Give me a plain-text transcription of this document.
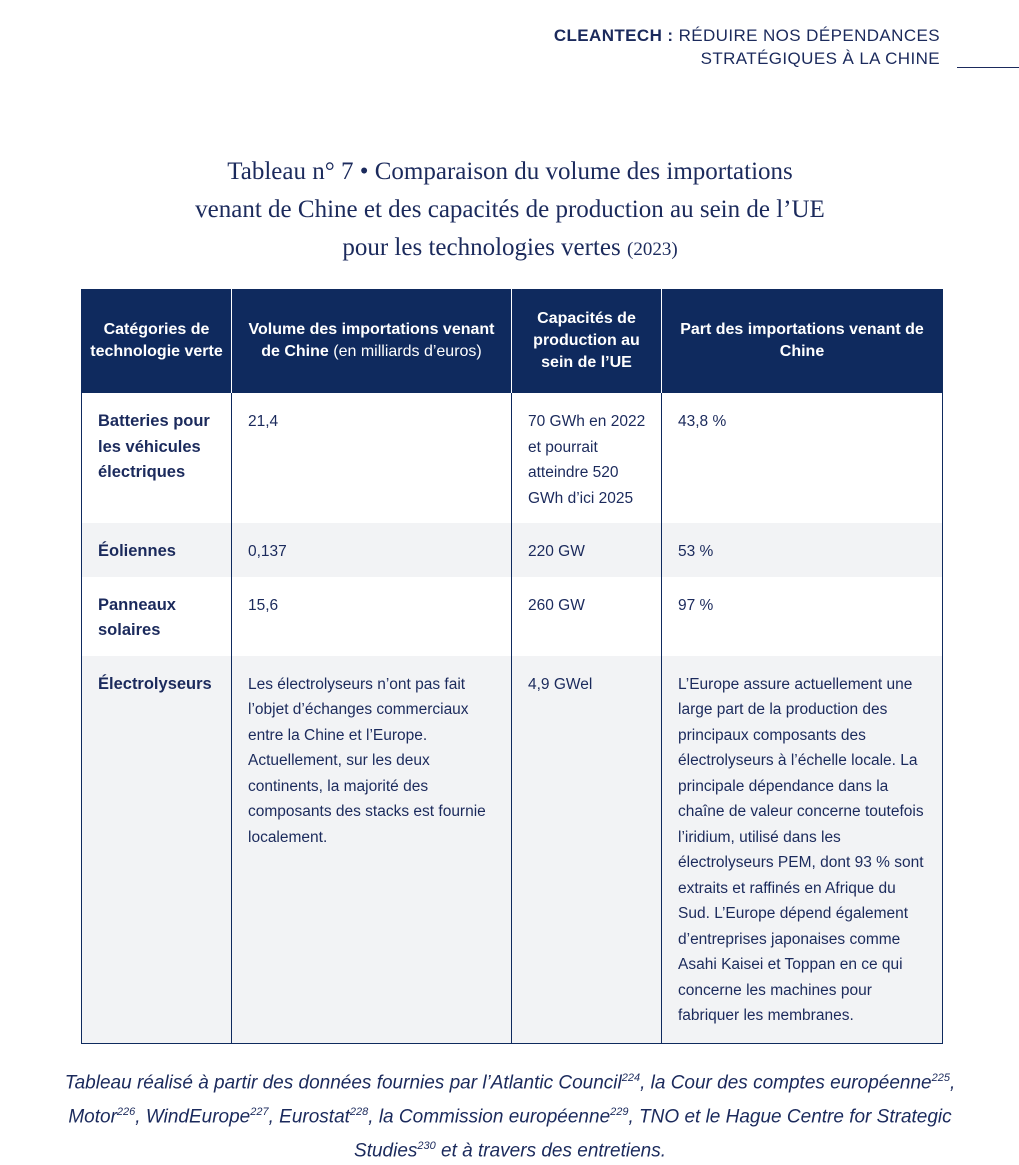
CLEANTECH : RÉDUIRE NOS DÉPENDANCES
STRATÉGIQUES À LA CHINE
Tableau n° 7 • Comparaison du volume des importations
venant de Chine et des capacités de production au sein de l’UE
pour les technologies vertes (2023)
Catégories de technologie verte	Volume des importations venant de Chine (en milliards d’euros)	Capacités de production au sein de l’UE	Part des importations venant de Chine
Batteries pour les véhicules électriques	21,4	70 GWh en 2022 et pourrait atteindre 520 GWh d’ici 2025	43,8 %
Éoliennes	0,137	220 GW	53 %
Panneaux solaires	15,6	260 GW	97 %
Électrolyseurs	Les électrolyseurs n’ont pas fait l’objet d’échanges commerciaux entre la Chine et l’Europe. Actuellement, sur les deux continents, la majorité des composants des stacks est fournie localement.	4,9 GWel	L’Europe assure actuellement une large part de la production des principaux composants des électrolyseurs à l’échelle locale. La principale dépendance dans la chaîne de valeur concerne toutefois l’iridium, utilisé dans les électrolyseurs PEM, dont 93 % sont extraits et raffinés en Afrique du Sud. L’Europe dépend également d’entreprises japonaises comme Asahi Kaisei et Toppan en ce qui concerne les machines pour fabriquer les membranes.
Tableau réalisé à partir des données fournies par l’Atlantic Council$^{224}$, la Cour des comptes européenne$^{225}$, Motor$^{226}$, WindEurope$^{227}$, Eurostat$^{228}$, la Commission européenne$^{229}$, TNO et le Hague Centre for Strategic Studies$^{230}$ et à travers des entretiens.
